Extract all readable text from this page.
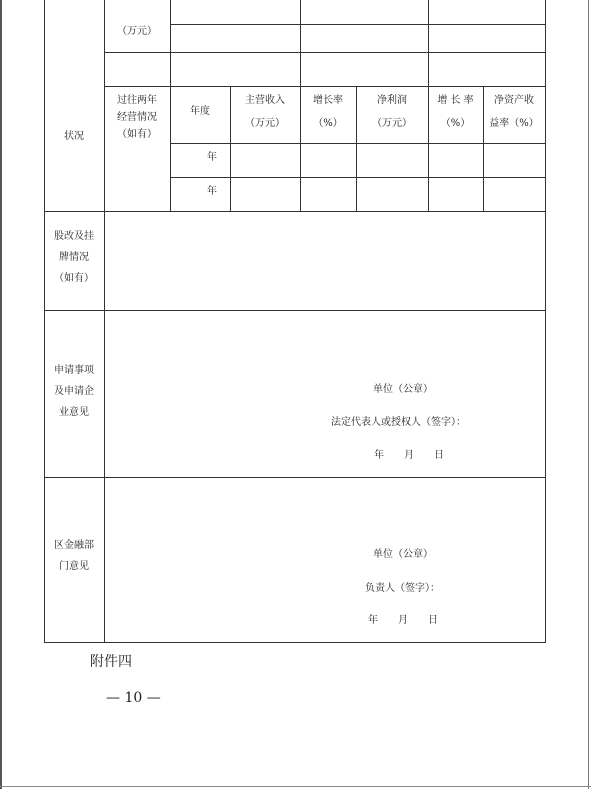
状况
（万元）
过往两年
经营情况
（如有）
年度
主营收入
（万元）
增长率
（%）
净利润
（万元）
增 长 率
（%）
净资产收
益率（%）
年
年
股改及挂
牌情况
（如有）
申请事项
及申请企
业意见
单位（公章）
法定代表人或授权人（签字）：
年　　月　　日
区金融部
门意见
单位（公章）
负责人（签字）：
年　　月　　日
附件四
— 10 —
